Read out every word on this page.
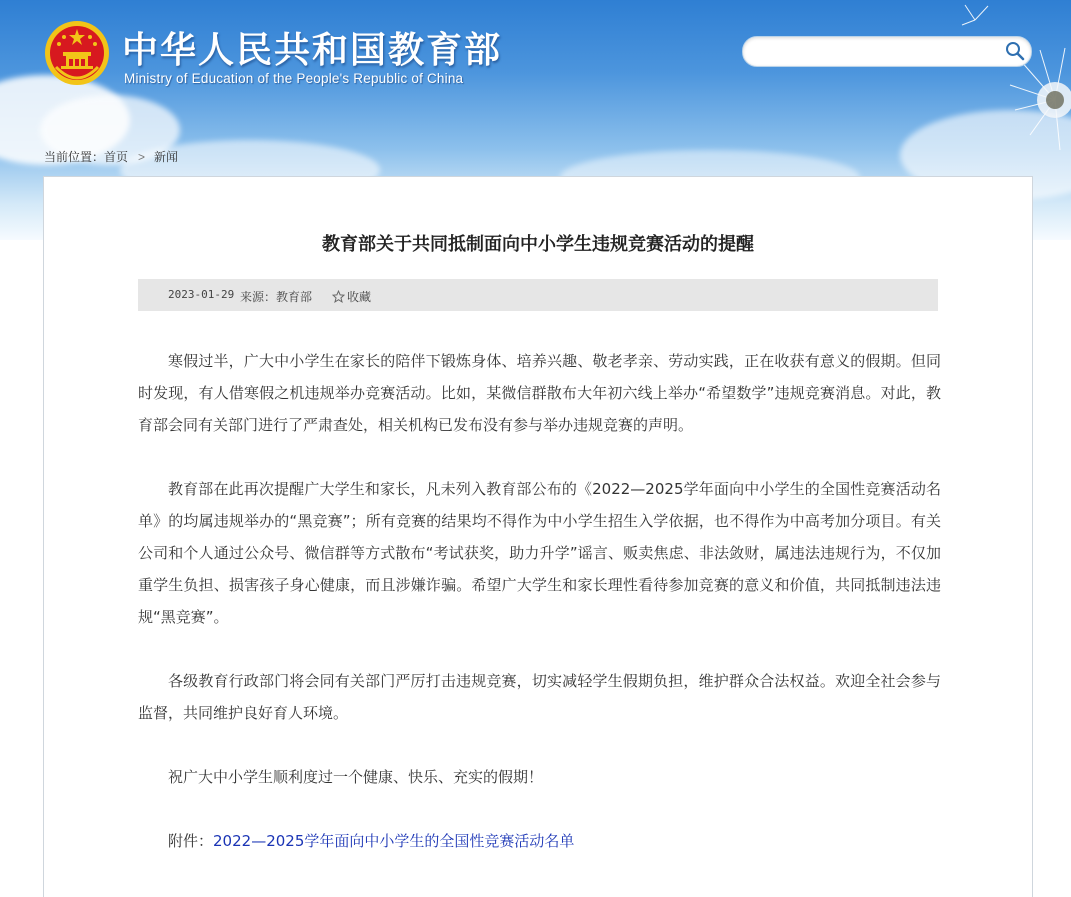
中华人民共和国教育部
Ministry of Education of the People's Republic of China
当前位置：首页 > 新闻
教育部关于共同抵制面向中小学生违规竞赛活动的提醒
2023-01-29 来源：教育部	收藏

寒假过半，广大中小学生在家长的陪伴下锻炼身体、培养兴趣、敬老孝亲、劳动实践，正在收获有意义的假期。但同时发现，有人借寒假之机违规举办竞赛活动。比如，某微信群散布大年初六线上举办“希望数学”违规竞赛消息。对此，教育部会同有关部门进行了严肃查处，相关机构已发布没有参与举办违规竞赛的声明。

教育部在此再次提醒广大学生和家长，凡未列入教育部公布的《2022—2025学年面向中小学生的全国性竞赛活动名单》的均属违规举办的“黑竞赛”；所有竞赛的结果均不得作为中小学生招生入学依据，也不得作为中高考加分项目。有关公司和个人通过公众号、微信群等方式散布“考试获奖，助力升学”谣言、贩卖焦虑、非法敛财，属违法违规行为，不仅加重学生负担、损害孩子身心健康，而且涉嫌诈骗。希望广大学生和家长理性看待参加竞赛的意义和价值，共同抵制违法违规“黑竞赛”。

各级教育行政部门将会同有关部门严厉打击违规竞赛，切实减轻学生假期负担，维护群众合法权益。欢迎全社会参与监督，共同维护良好育人环境。

祝广大中小学生顺利度过一个健康、快乐、充实的假期！

附件：2022—2025学年面向中小学生的全国性竞赛活动名单
